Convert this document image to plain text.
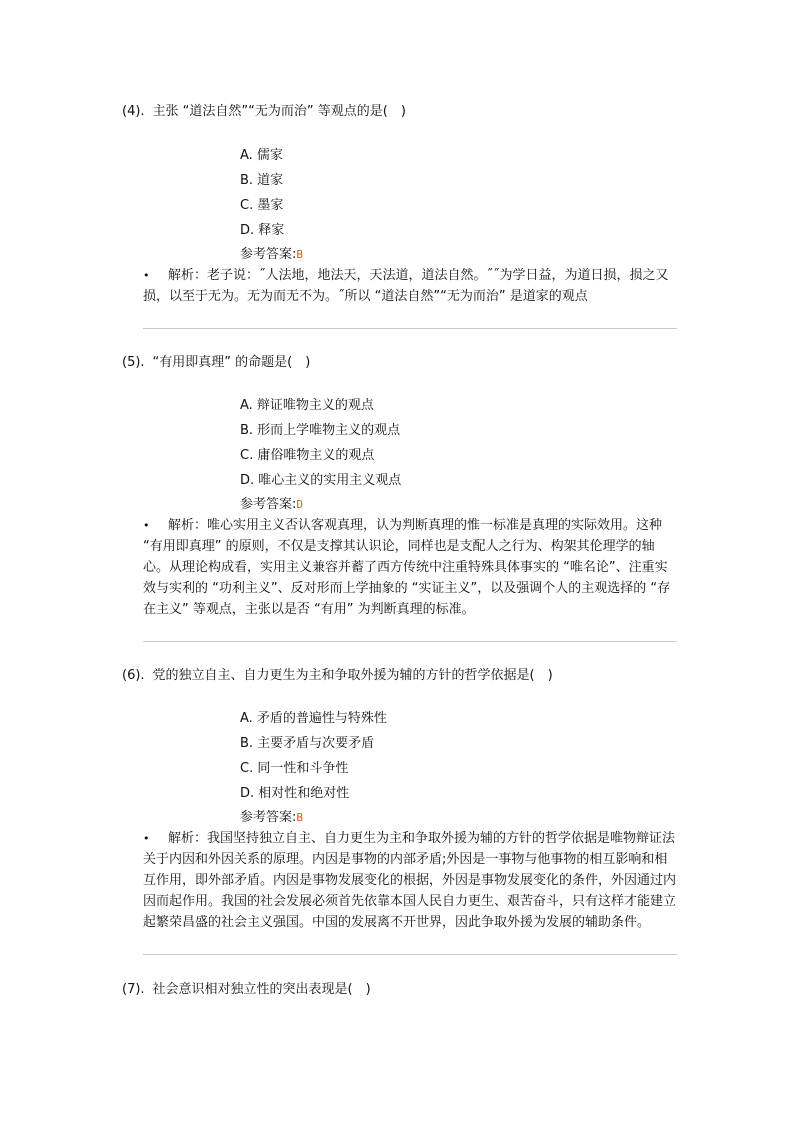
(4). 主张 “道法自然”“无为而治” 等观点的是(　)
A. 儒家
B. 道家
C. 墨家
D. 释家
参考答案:B
• 解析：老子说：˝人法地，地法天，天法道，道法自然。˝˝为学日益，为道日损，损之又损，以至于无为。无为而无不为。˝所以 “道法自然”“无为而治” 是道家的观点
(5). “有用即真理” 的命题是(　)
A. 辩证唯物主义的观点
B. 形而上学唯物主义的观点
C. 庸俗唯物主义的观点
D. 唯心主义的实用主义观点
参考答案:D
• 解析：唯心实用主义否认客观真理，认为判断真理的惟一标准是真理的实际效用。这种 “有用即真理” 的原则，不仅是支撑其认识论，同样也是支配人之行为、构架其伦理学的轴心。从理论构成看，实用主义兼容并蓄了西方传统中注重特殊具体事实的 “唯名论”、注重实效与实利的 “功利主义”、反对形而上学抽象的 “实证主义”，以及强调个人的主观选择的 “存在主义” 等观点，主张以是否 “有用” 为判断真理的标准。
(6). 党的独立自主、自力更生为主和争取外援为辅的方针的哲学依据是(　)
A. 矛盾的普遍性与特殊性
B. 主要矛盾与次要矛盾
C. 同一性和斗争性
D. 相对性和绝对性
参考答案:B
• 解析：我国坚持独立自主、自力更生为主和争取外援为辅的方针的哲学依据是唯物辩证法关于内因和外因关系的原理。内因是事物的内部矛盾;外因是一事物与他事物的相互影响和相互作用，即外部矛盾。内因是事物发展变化的根据，外因是事物发展变化的条件，外因通过内因而起作用。我国的社会发展必须首先依靠本国人民自力更生、艰苦奋斗，只有这样才能建立起繁荣昌盛的社会主义强国。中国的发展离不开世界，因此争取外援为发展的辅助条件。
(7). 社会意识相对独立性的突出表现是(　)
